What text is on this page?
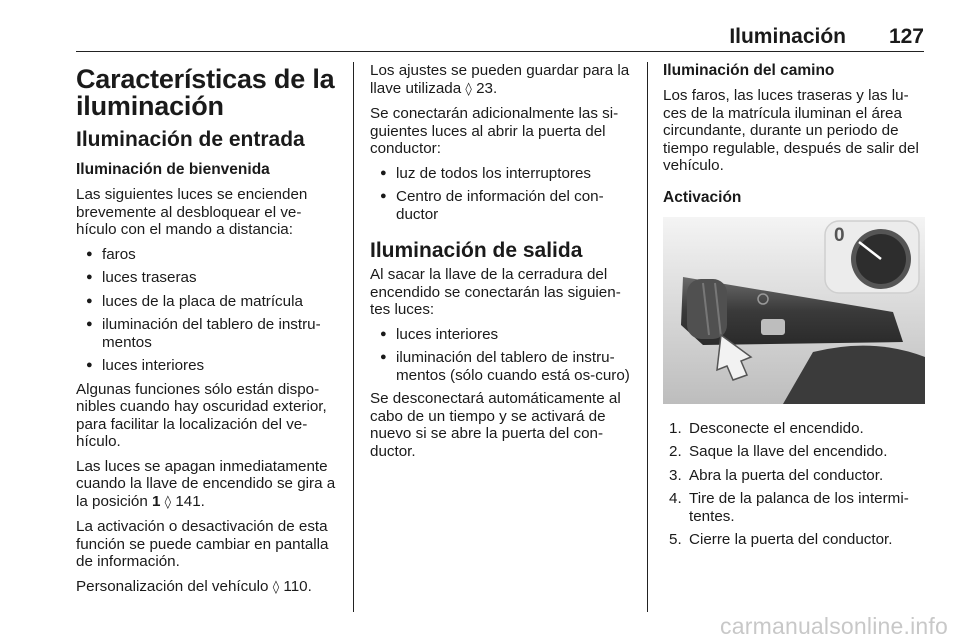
Iluminación 127
Características de la iluminación
Iluminación de entrada
Iluminación de bienvenida

Las siguientes luces se encienden brevemente al desbloquear el ve-hículo con el mando a distancia:

● faros
● luces traseras
● luces de la placa de matrícula
● iluminación del tablero de instru-mentos
● luces interiores

Algunas funciones sólo están dispo-nibles cuando hay oscuridad exterior, para facilitar la localización del ve-hículo.

Las luces se apagan inmediatamente cuando la llave de encendido se gira a la posición 1 ◊ 141.

La activación o desactivación de esta función se puede cambiar en pantalla de información.

Personalización del vehículo ◊ 110.

Los ajustes se pueden guardar para la llave utilizada ◊ 23.

Se conectarán adicionalmente las si-guientes luces al abrir la puerta del conductor:

● luz de todos los interruptores
● Centro de información del con-ductor
Iluminación de salida

Al sacar la llave de la cerradura del encendido se conectarán las siguien-tes luces:

● luces interiores
● iluminación del tablero de instru-mentos (sólo cuando está os-curo)

Se desconectará automáticamente al cabo de un tiempo y se activará de nuevo si se abre la puerta del con-ductor.

Iluminación del camino

Los faros, las luces traseras y las lu-ces de la matrícula iluminan el área circundante, durante un periodo de tiempo regulable, después de salir del vehículo.

Activación
0
1. Desconecte el encendido.
2. Saque la llave del encendido.
3. Abra la puerta del conductor.
4. Tire de la palanca de los intermi-tentes.
5. Cierre la puerta del conductor.
carmanualsonline.info
